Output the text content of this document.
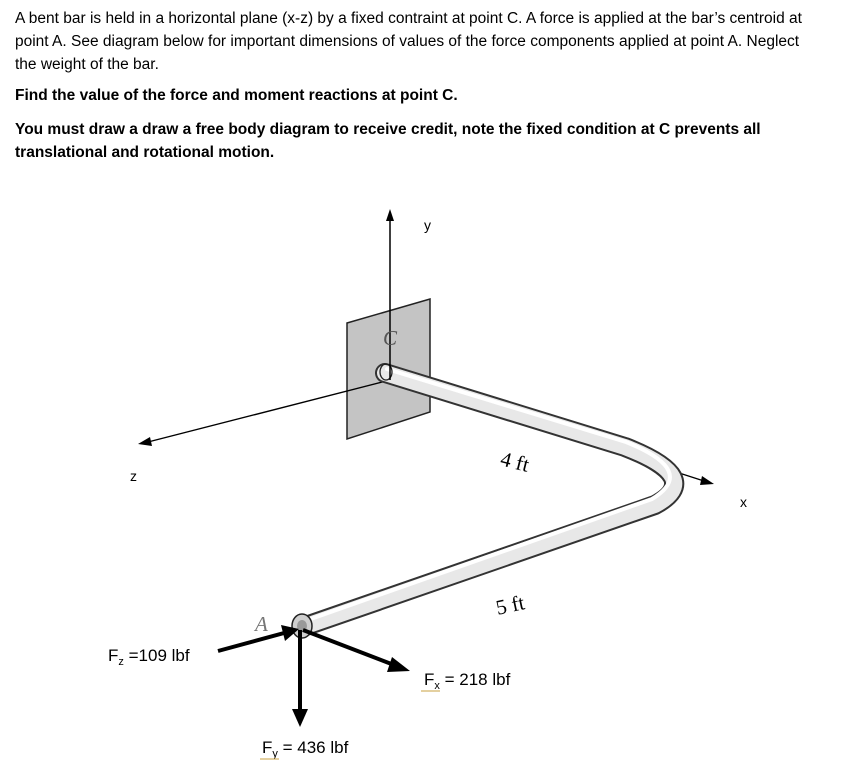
A bent bar is held in a horizontal plane (x-z) by a fixed contraint at point C. A force is applied at the bar’s centroid at point A. See diagram below for important dimensions of values of the force components applied at point A. Neglect the weight of the bar.

Find the value of the force and moment reactions at point C.

You must draw a draw a free body diagram to receive credit, note the fixed condition at C prevents all translational and rotational motion.

y
z
x
C
A
4 ft
5 ft
$F_z =109$ lbf
$F_x = 218$ lbf
$F_y = 436$ lbf
